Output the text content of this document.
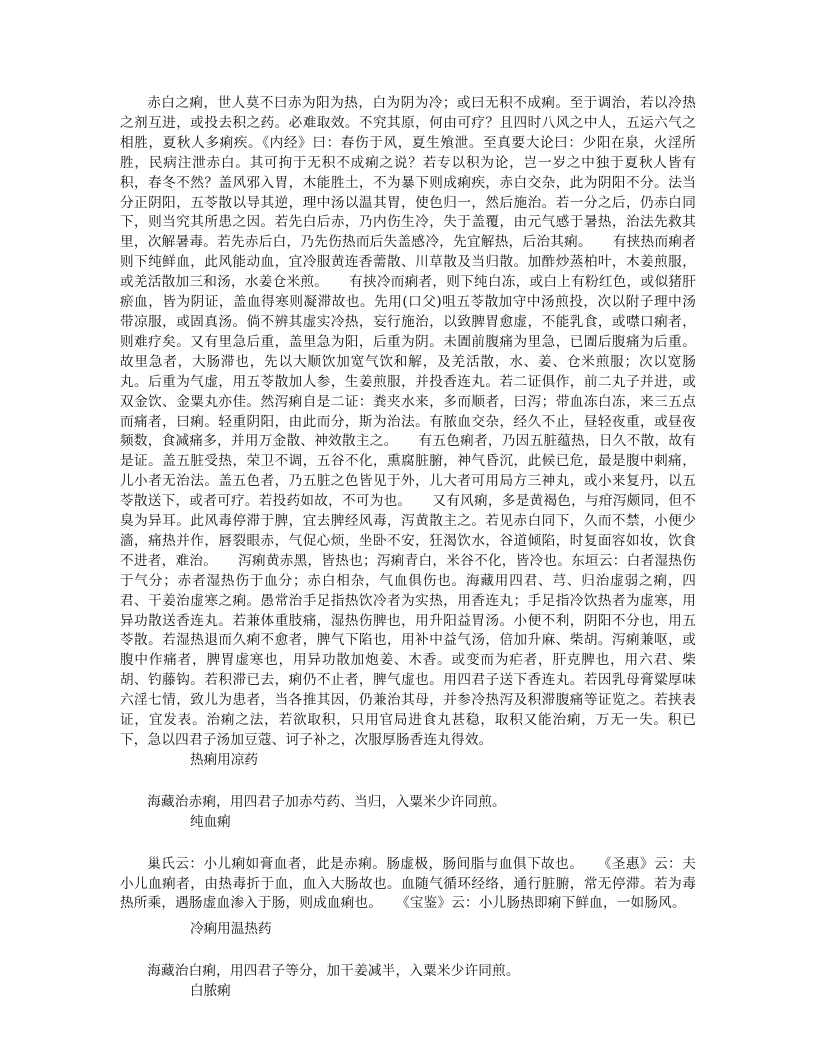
赤白之痢，世人莫不曰赤为阳为热，白为阴为冷；或曰无积不成痢。至于调治，若以冷热之剂互进，或投去积之药。必难取效。不究其原，何由可疗？且四时八风之中人，五运六气之相胜，夏秋人多痢疾。《内经》曰：春伤于风，夏生飧泄。至真要大论曰：少阳在泉，火淫所胜，民病注泄赤白。其可拘于无积不成痢之说？若专以积为论，岂一岁之中独于夏秋人皆有积，春冬不然？盖风邪入胃，木能胜土，不为暴下则成痢疾，赤白交杂，此为阴阳不分。法当分正阴阳，五苓散以导其逆，理中汤以温其胃，使色归一，然后施治。若一分之后，仍赤白同下，则当究其所患之因。若先白后赤，乃内伤生冷，失于盖覆，由元气感于暑热，治法先救其里，次解暑毒。若先赤后白，乃先伤热而后失盖感冷，先宜解热，后治其痢。　　有挟热而痢者则下纯鲜血，此风能动血，宜冷服黄连香薷散、川草散及当归散。加酢炒蒸柏叶，木姜煎服，或羌活散加三和汤，水姜仓米煎。　　有挟冷而痢者，则下纯白冻，或白上有粉红色，或似猪肝瘀血，皆为阴证，盖血得寒则凝滞故也。先用(口父)咀五苓散加守中汤煎投，次以附子理中汤带凉服，或固真汤。倘不辨其虚实冷热，妄行施治，以致脾胃愈虚，不能乳食，或噤口痢者，则难疗矣。又有里急后重，盖里急为阳，后重为阴。未圊前腹痛为里急，已圊后腹痛为后重。故里急者，大肠滞也，先以大顺饮加宽气饮和解，及羌活散，水、姜、仓米煎服；次以宽肠丸。后重为气虚，用五苓散加人参，生姜煎服，并投香连丸。若二证俱作，前二丸子并进，或双金饮、金粟丸亦佳。然泻痢自是二证：粪夹水来，多而顺者，曰泻；带血冻白冻，来三五点而痛者，曰痢。轻重阴阳，由此而分，斯为治法。有脓血交杂，经久不止，昼轻夜重，或昼夜频数，食减痛多，并用万金散、神效散主之。　　有五色痢者，乃因五脏蕴热，日久不散，故有是证。盖五脏受热，荣卫不调，五谷不化，熏腐脏腑，神气昏沉，此候已危，最是腹中刺痛，儿小者无治法。盖五色者，乃五脏之色皆见于外，儿大者可用局方三神丸，或小来复丹，以五苓散送下，或者可疗。若投药如故，不可为也。　　又有风痢，多是黄褐色，与疳泻颇同，但不臭为异耳。此风毒停滞于脾，宜去脾经风毒，泻黄散主之。若见赤白同下，久而不禁，小便少濇，痛热并作，唇裂眼赤，气促心烦，坐卧不安，狂渴饮水，谷道倾陷，时复面容如妆，饮食不进者，难治。　　泻痢黄赤黑，皆热也；泻痢青白，米谷不化，皆冷也。东垣云：白者湿热伤于气分；赤者湿热伤于血分；赤白相杂，气血俱伤也。海藏用四君、芎、归治虚弱之痢，四君、干姜治虚寒之痢。愚常治手足指热饮冷者为实热，用香连丸；手足指冷饮热者为虚寒，用异功散送香连丸。若兼体重肢痛，湿热伤脾也，用升阳益胃汤。小便不利，阴阳不分也，用五苓散。若湿热退而久痢不愈者，脾气下陷也，用补中益气汤，倍加升麻、柴胡。泻痢兼呕，或腹中作痛者，脾胃虚寒也，用异功散加炮姜、木香。或变而为疟者，肝克脾也，用六君、柴胡、钓藤钩。若积滞已去，痢仍不止者，脾气虚也。用四君子送下香连丸。若因乳母膏粱厚味六淫七情，致儿为患者，当各推其因，仍兼治其母，并参冷热泻及积滞腹痛等证览之。若挟表证，宜发表。治痢之法，若欲取积，只用官局进食丸甚稳，取积又能治痢，万无一失。积已下，急以四君子汤加豆蔻、诃子补之，次服厚肠香连丸得效。

热痢用凉药

海藏治赤痢，用四君子加赤芍药、当归，入粟米少许同煎。

纯血痢

巢氏云：小儿痢如膏血者，此是赤痢。肠虚极，肠间脂与血俱下故也。　　《圣惠》云：夫小儿血痢者，由热毒折于血，血入大肠故也。血随气循环经络，通行脏腑，常无停滞。若为毒热所乘，遇肠虚血渗入于肠，则成血痢也。　　《宝鉴》云：小儿肠热即痢下鲜血，一如肠风。

冷痢用温热药

海藏治白痢，用四君子等分，加干姜减半，入粟米少许同煎。

白脓痢
